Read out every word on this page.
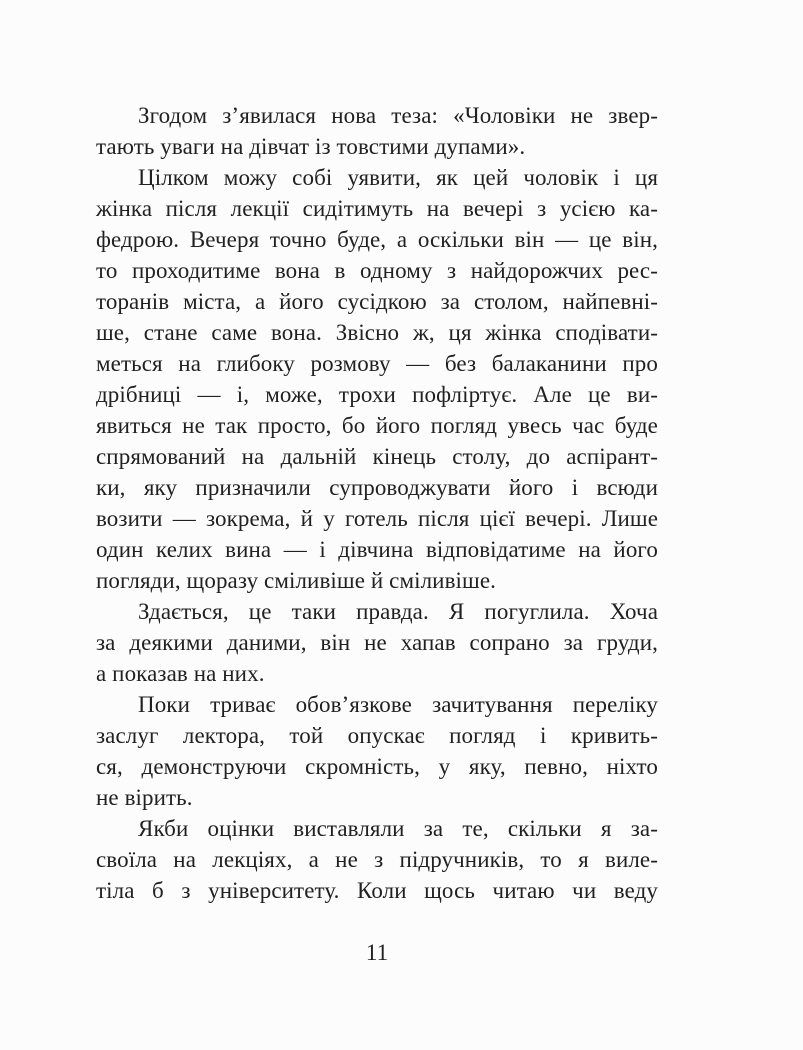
Згодом з’явилася нова теза: «Чоловіки не звер-
тають уваги на дівчат із товстими дупами».
Цілком можу собі уявити, як цей чоловік і ця
жінка після лекції сидітимуть на вечері з усією ка-
федрою. Вечеря точно буде, а оскільки він — це він,
то проходитиме вона в одному з найдорожчих рес-
торанів міста, а його сусідкою за столом, найпевні-
ше, стане саме вона. Звісно ж, ця жінка сподівати-
меться на глибоку розмову — без балаканини про
дрібниці — і, може, трохи пофліртує. Але це ви-
явиться не так просто, бо його погляд увесь час буде
спрямований на дальній кінець столу, до аспірант-
ки, яку призначили супроводжувати його і всюди
возити — зокрема, й у готель після цієї вечері. Лише
один келих вина — і дівчина відповідатиме на його
погляди, щоразу сміливіше й сміливіше.
Здається, це таки правда. Я погуглила. Хоча
за деякими даними, він не хапав сопрано за груди,
а показав на них.
Поки триває обов’язкове зачитування переліку
заслуг лектора, той опускає погляд і кривить-
ся, демонструючи скромність, у яку, певно, ніхто
не вірить.
Якби оцінки виставляли за те, скільки я за-
своїла на лекціях, а не з підручників, то я виле-
тіла б з університету. Коли щось читаю чи веду
11
